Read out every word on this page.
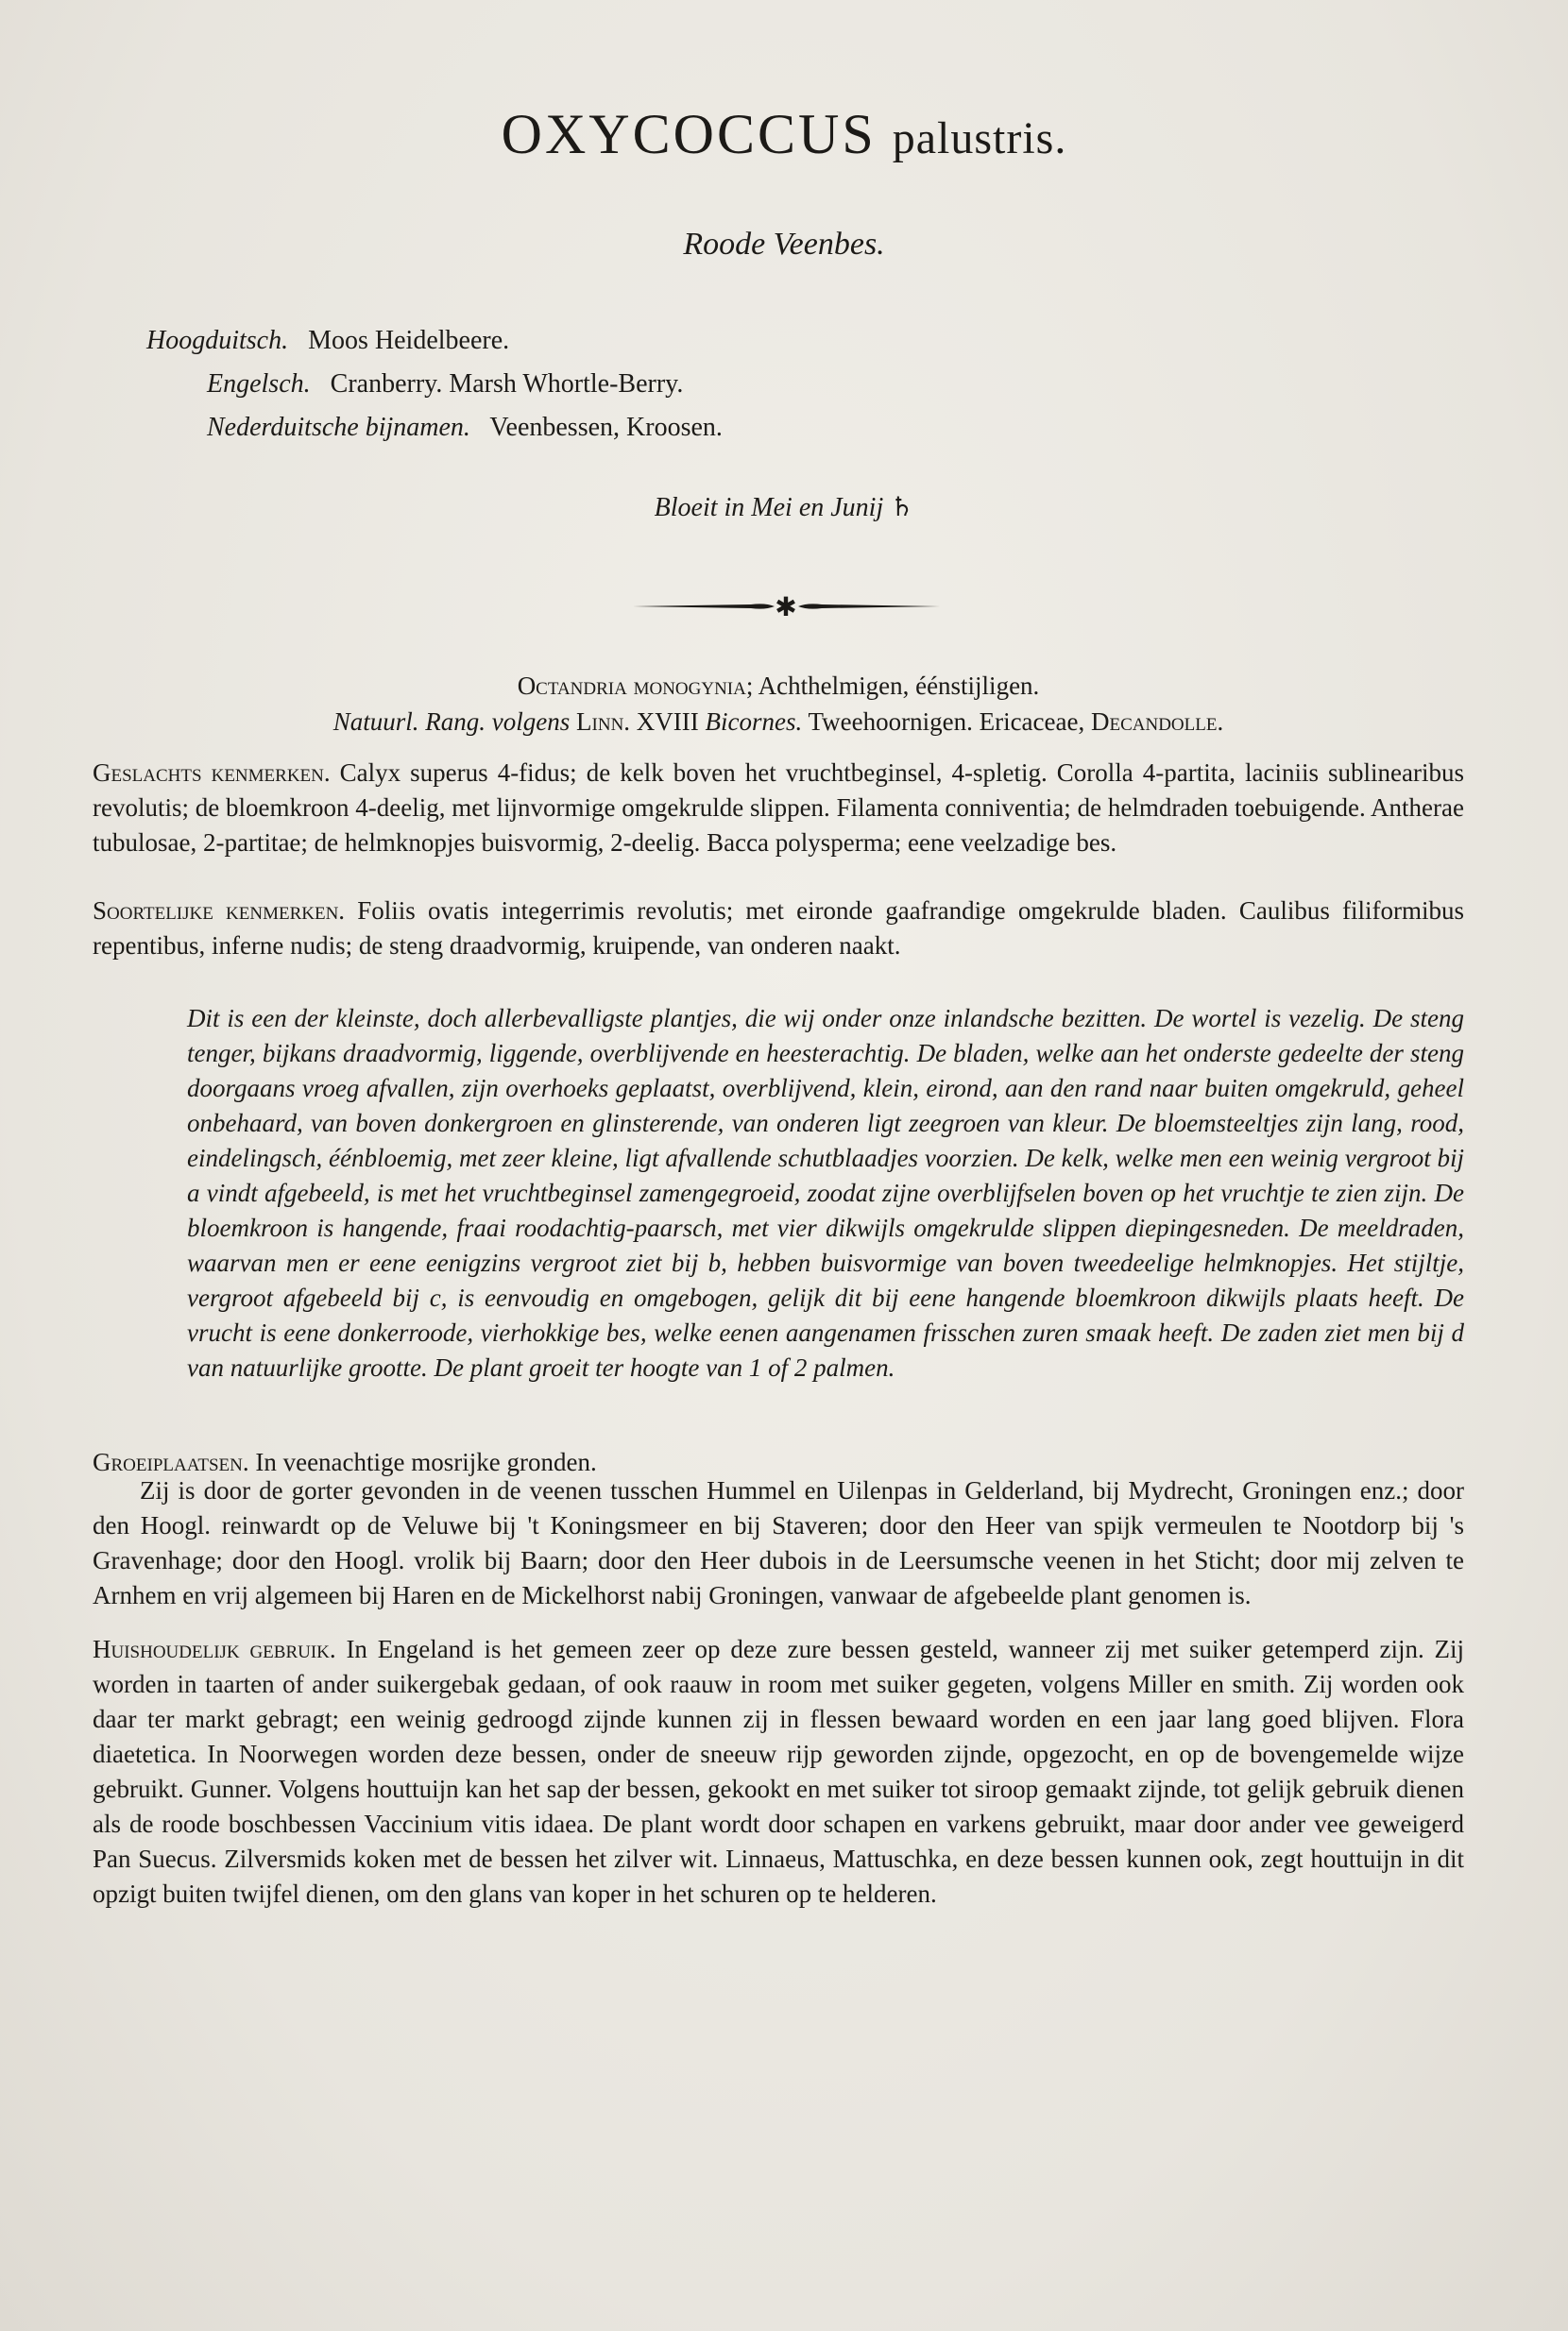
OXYCOCCUS palustris.
Roode Veenbes.
Hoogduitsch. Moos Heidelbeere.
Engelsch. Cranberry. Marsh Whortle-Berry.
Nederduitsche bijnamen. Veenbessen, Kroosen.
Bloeit in Mei en Junij ♄
✱
Octandria monogynia; Achthelmigen, éénstijligen.
Natuurl. Rang. volgens Linn. XVIII Bicornes. Tweehoornigen. Ericaceae, Decandolle.
Geslachts kenmerken. Calyx superus 4-fidus; de kelk boven het vruchtbeginsel, 4-spletig. Corolla 4-partita, laciniis sublinearibus revolutis; de bloemkroon 4-deelig, met lijnvormige omgekrulde slippen. Filamenta conniventia; de helmdraden toebuigende. Antherae tubulosae, 2-partitae; de helmknopjes buisvormig, 2-deelig. Bacca polysperma; eene veelzadige bes.
Soortelijke kenmerken. Foliis ovatis integerrimis revolutis; met eironde gaafrandige omgekrulde bladen. Caulibus filiformibus repentibus, inferne nudis; de steng draadvormig, kruipende, van onderen naakt.
Dit is een der kleinste, doch allerbevalligste plantjes, die wij onder onze inlandsche bezitten. De wortel is vezelig. De steng tenger, bijkans draadvormig, liggende, overblijvende en heesterachtig. De bladen, welke aan het onderste gedeelte der steng doorgaans vroeg afvallen, zijn overhoeks geplaatst, overblijvend, klein, eirond, aan den rand naar buiten omgekruld, geheel onbehaard, van boven donkergroen en glinsterende, van onderen ligt zeegroen van kleur. De bloemsteeltjes zijn lang, rood, eindelingsch, éénbloemig, met zeer kleine, ligt afvallende schutblaadjes voorzien. De kelk, welke men een weinig vergroot bij a vindt afgebeeld, is met het vruchtbeginsel zamengegroeid, zoodat zijne overblijfselen boven op het vruchtje te zien zijn. De bloemkroon is hangende, fraai roodachtig-paarsch, met vier dikwijls omgekrulde slippen diepingesneden. De meeldraden, waarvan men er eene eenigzins vergroot ziet bij b, hebben buisvormige van boven tweedeelige helmknopjes. Het stijltje, vergroot afgebeeld bij c, is eenvoudig en omgebogen, gelijk dit bij eene hangende bloemkroon dikwijls plaats heeft. De vrucht is eene donkerroode, vierhokkige bes, welke eenen aangenamen frisschen zuren smaak heeft. De zaden ziet men bij d van natuurlijke grootte. De plant groeit ter hoogte van 1 of 2 palmen.
Groeiplaatsen. In veenachtige mosrijke gronden.
Zij is door de gorter gevonden in de veenen tusschen Hummel en Uilenpas in Gelderland, bij Mydrecht, Groningen enz.; door den Hoogl. reinwardt op de Veluwe bij 't Koningsmeer en bij Staveren; door den Heer van spijk vermeulen te Nootdorp bij 's Gravenhage; door den Hoogl. vrolik bij Baarn; door den Heer dubois in de Leersumsche veenen in het Sticht; door mij zelven te Arnhem en vrij algemeen bij Haren en de Mickelhorst nabij Groningen, vanwaar de afgebeelde plant genomen is.
Huishoudelijk gebruik. In Engeland is het gemeen zeer op deze zure bessen gesteld, wanneer zij met suiker getemperd zijn. Zij worden in taarten of ander suikergebak gedaan, of ook raauw in room met suiker gegeten, volgens Miller en smith. Zij worden ook daar ter markt gebragt; een weinig gedroogd zijnde kunnen zij in flessen bewaard worden en een jaar lang goed blijven. Flora diaetetica. In Noorwegen worden deze bessen, onder de sneeuw rijp geworden zijnde, opgezocht, en op de bovengemelde wijze gebruikt. Gunner. Volgens houttuijn kan het sap der bessen, gekookt en met suiker tot siroop gemaakt zijnde, tot gelijk gebruik dienen als de roode boschbessen Vaccinium vitis idaea. De plant wordt door schapen en varkens gebruikt, maar door ander vee geweigerd Pan Suecus. Zilversmids koken met de bessen het zilver wit. Linnaeus, Mattuschka, en deze bessen kunnen ook, zegt houttuijn in dit opzigt buiten twijfel dienen, om den glans van koper in het schuren op te helderen.
